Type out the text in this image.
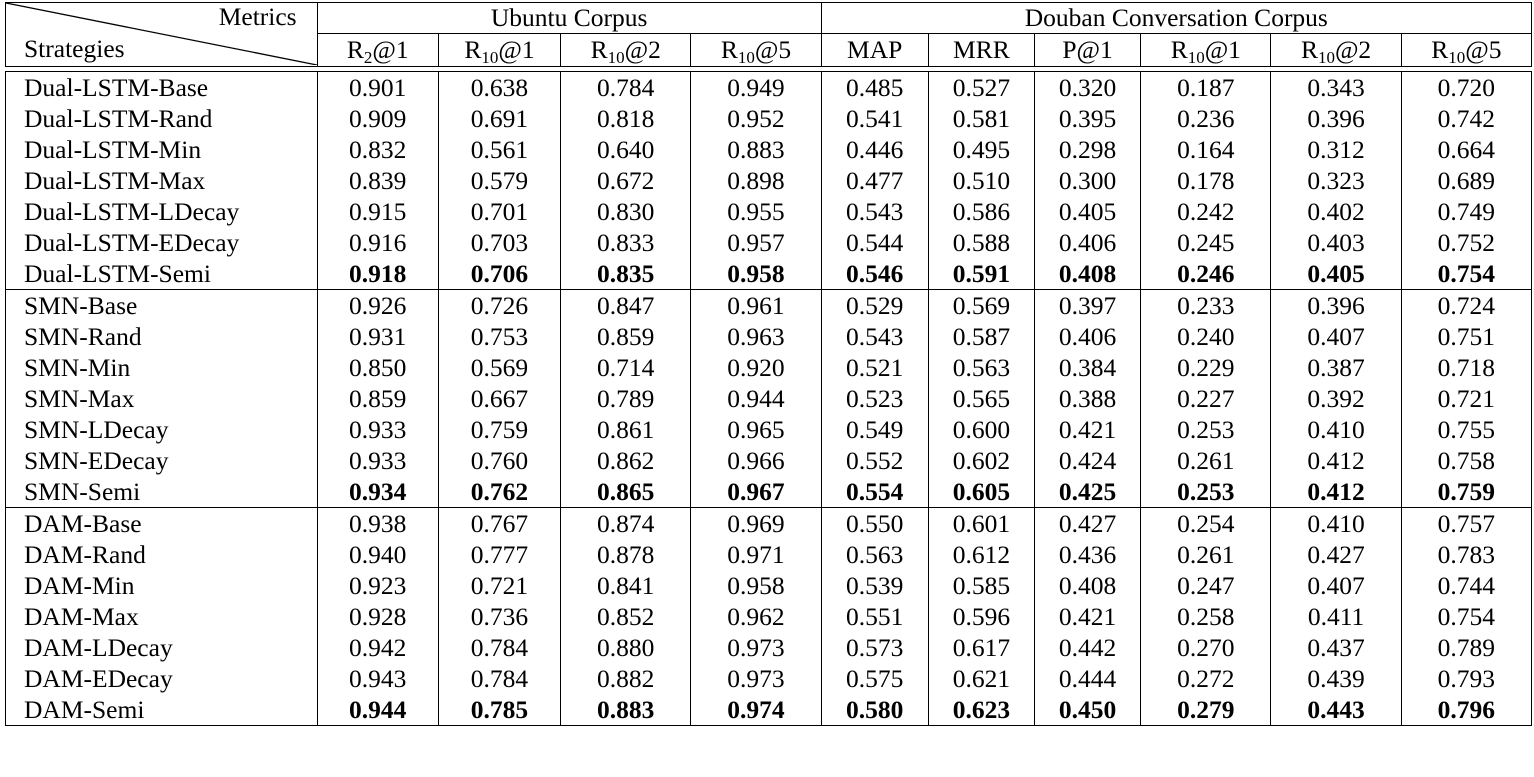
Metrics
Strategies	Ubuntu Corpus				Douban Conversation Corpus					
	$R_2@1$	$R_{10}@1$	$R_{10}@2$	$R_{10}@5$	MAP	MRR	P@1	$R_{10}@1$	$R_{10}@2$	$R_{10}@5$

Dual-LSTM-Base	0.901	0.638	0.784	0.949	0.485	0.527	0.320	0.187	0.343	0.720
Dual-LSTM-Rand	0.909	0.691	0.818	0.952	0.541	0.581	0.395	0.236	0.396	0.742
Dual-LSTM-Min	0.832	0.561	0.640	0.883	0.446	0.495	0.298	0.164	0.312	0.664
Dual-LSTM-Max	0.839	0.579	0.672	0.898	0.477	0.510	0.300	0.178	0.323	0.689
Dual-LSTM-LDecay	0.915	0.701	0.830	0.955	0.543	0.586	0.405	0.242	0.402	0.749
Dual-LSTM-EDecay	0.916	0.703	0.833	0.957	0.544	0.588	0.406	0.245	0.403	0.752
Dual-LSTM-Semi	0.918	0.706	0.835	0.958	0.546	0.591	0.408	0.246	0.405	0.754
SMN-Base	0.926	0.726	0.847	0.961	0.529	0.569	0.397	0.233	0.396	0.724
SMN-Rand	0.931	0.753	0.859	0.963	0.543	0.587	0.406	0.240	0.407	0.751
SMN-Min	0.850	0.569	0.714	0.920	0.521	0.563	0.384	0.229	0.387	0.718
SMN-Max	0.859	0.667	0.789	0.944	0.523	0.565	0.388	0.227	0.392	0.721
SMN-LDecay	0.933	0.759	0.861	0.965	0.549	0.600	0.421	0.253	0.410	0.755
SMN-EDecay	0.933	0.760	0.862	0.966	0.552	0.602	0.424	0.261	0.412	0.758
SMN-Semi	0.934	0.762	0.865	0.967	0.554	0.605	0.425	0.253	0.412	0.759
DAM-Base	0.938	0.767	0.874	0.969	0.550	0.601	0.427	0.254	0.410	0.757
DAM-Rand	0.940	0.777	0.878	0.971	0.563	0.612	0.436	0.261	0.427	0.783
DAM-Min	0.923	0.721	0.841	0.958	0.539	0.585	0.408	0.247	0.407	0.744
DAM-Max	0.928	0.736	0.852	0.962	0.551	0.596	0.421	0.258	0.411	0.754
DAM-LDecay	0.942	0.784	0.880	0.973	0.573	0.617	0.442	0.270	0.437	0.789
DAM-EDecay	0.943	0.784	0.882	0.973	0.575	0.621	0.444	0.272	0.439	0.793
DAM-Semi	0.944	0.785	0.883	0.974	0.580	0.623	0.450	0.279	0.443	0.796
